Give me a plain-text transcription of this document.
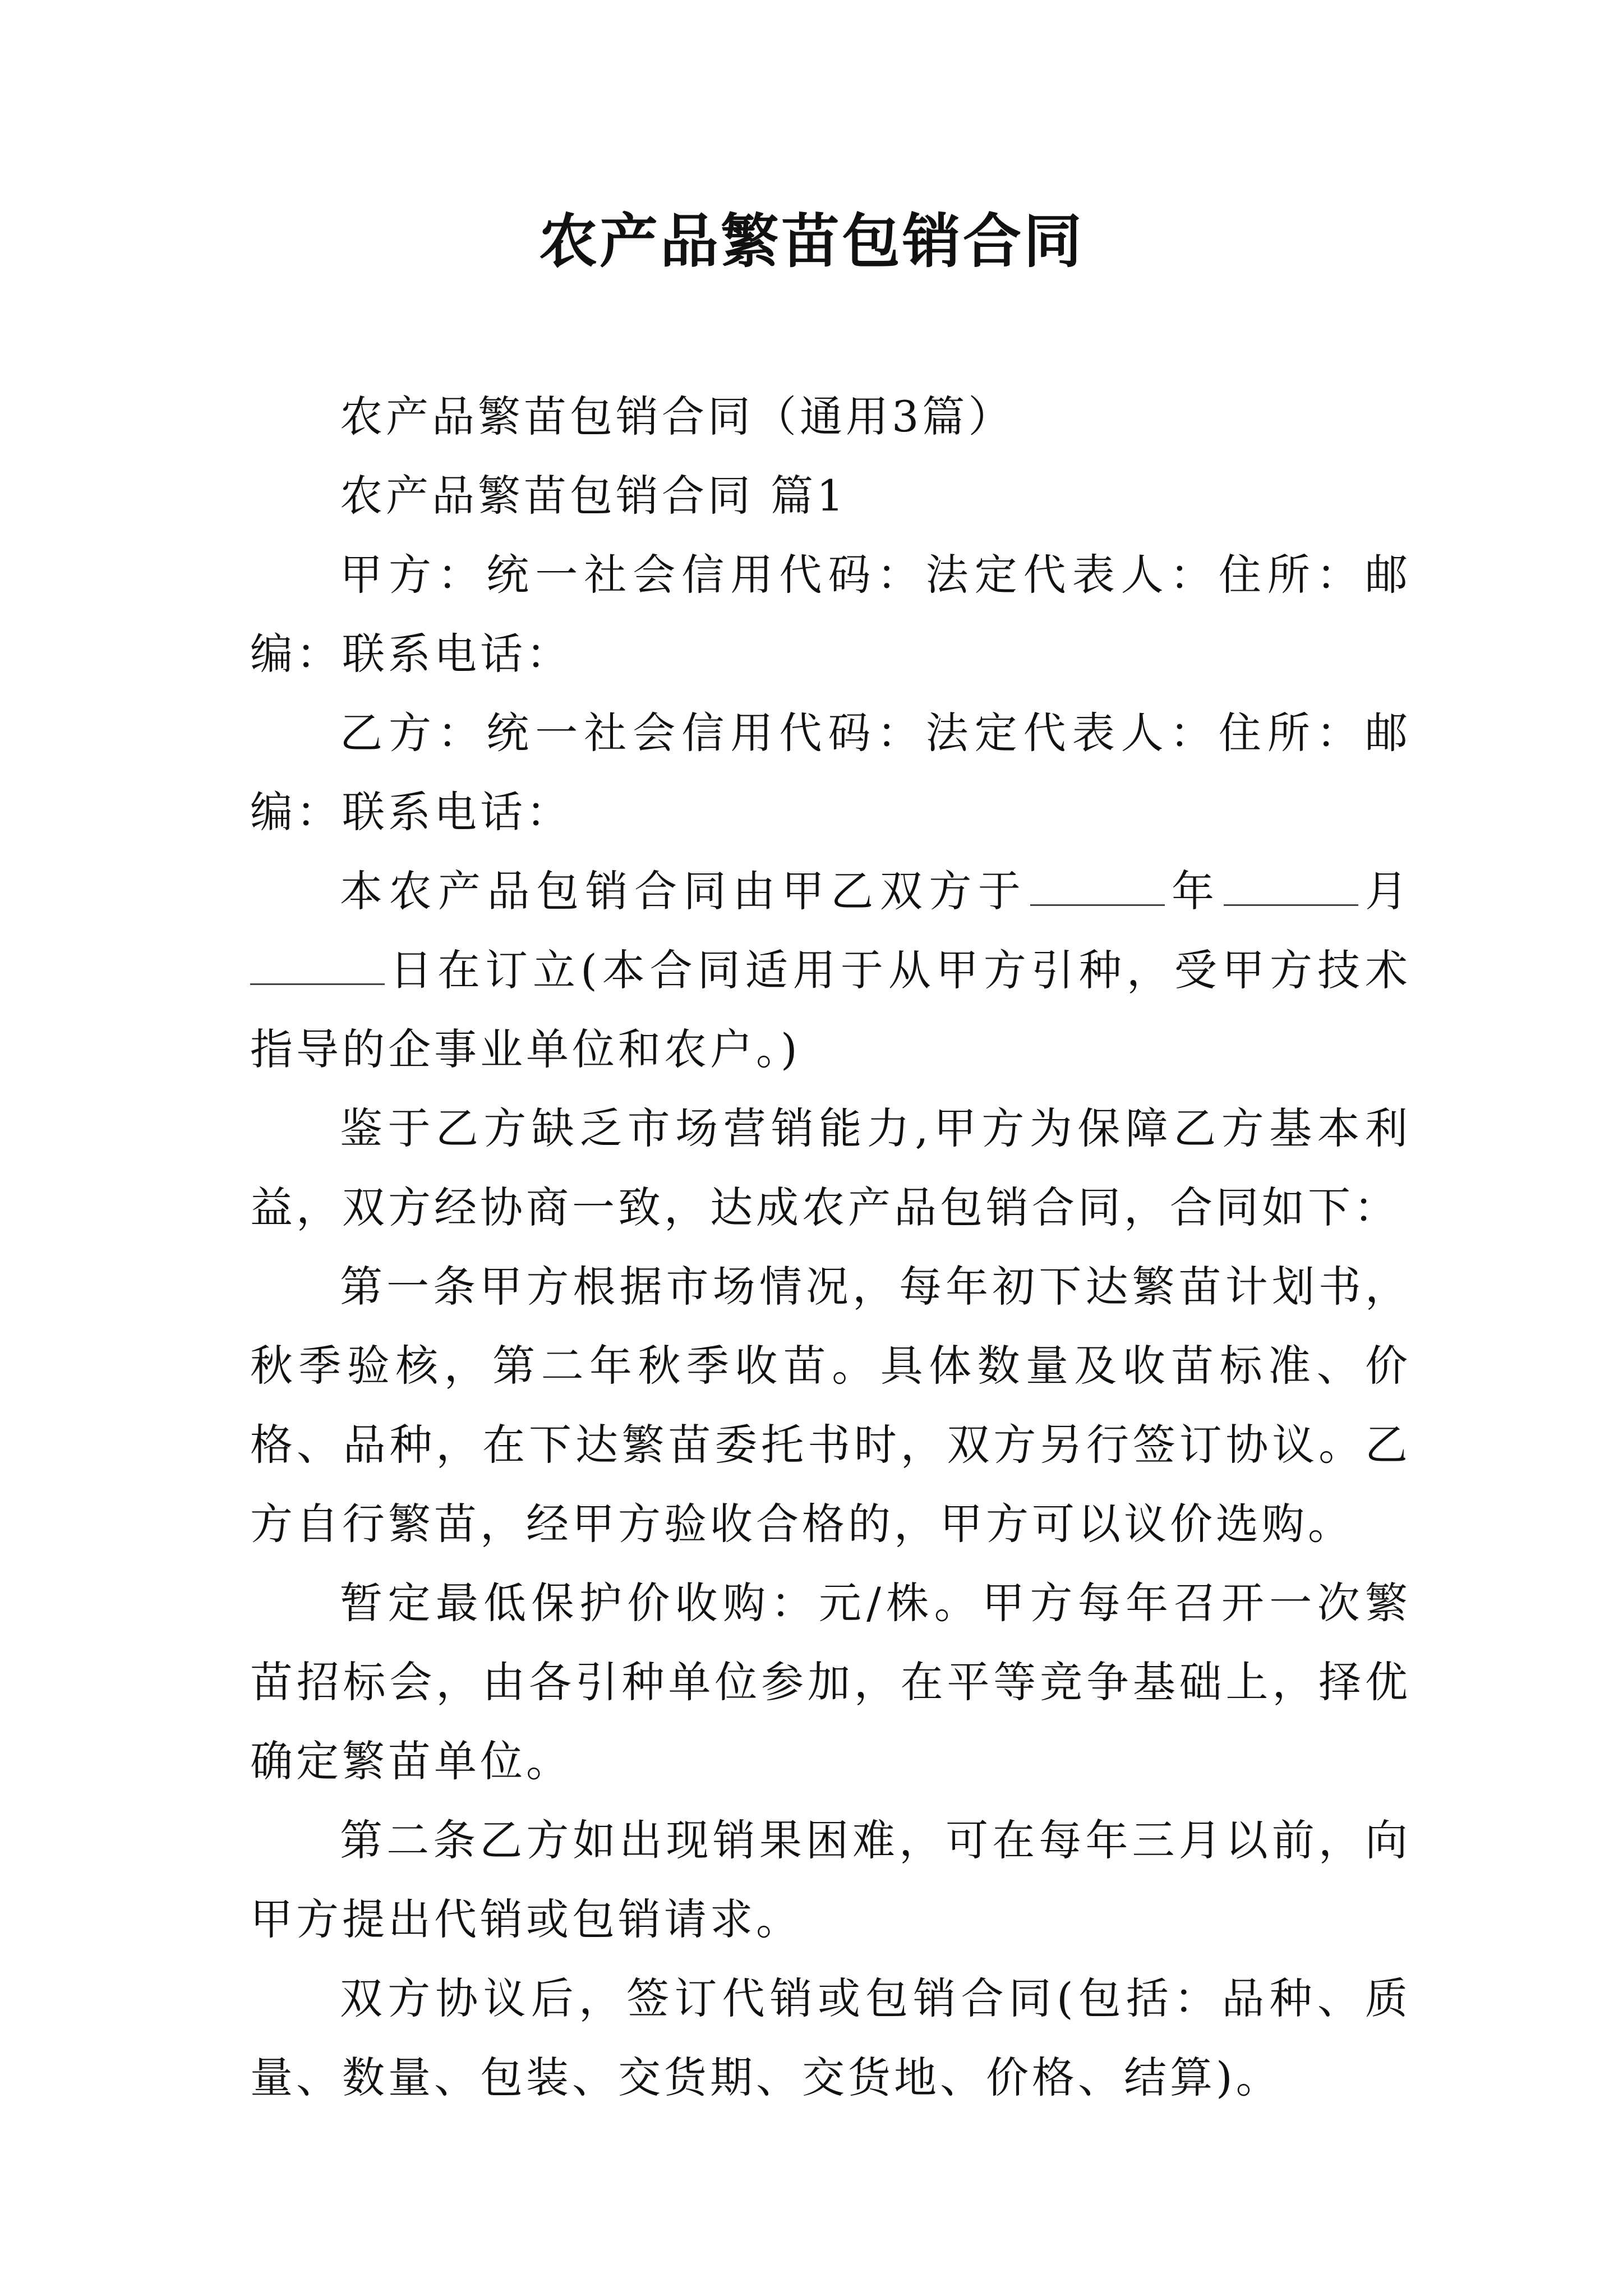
农产品繁苗包销合同

农产品繁苗包销合同（通用3篇）

农产品繁苗包销合同 篇1

甲方：统一社会信用代码：法定代表人：住所：邮编：联系电话：

乙方：统一社会信用代码：法定代表人：住所：邮编：联系电话：

本农产品包销合同由甲乙双方于	年	月日在订立(本合同适用于从甲方引种，受甲方技术指导的企事业单位和农户。)

鉴于乙方缺乏市场营销能力,甲方为保障乙方基本利益，双方经协商一致，达成农产品包销合同，合同如下：

第一条甲方根据市场情况，每年初下达繁苗计划书，秋季验核，第二年秋季收苗。具体数量及收苗标准、价格、品种，在下达繁苗委托书时，双方另行签订协议。乙方自行繁苗，经甲方验收合格的，甲方可以议价选购。

暂定最低保护价收购：元/株。甲方每年召开一次繁苗招标会，由各引种单位参加，在平等竞争基础上，择优确定繁苗单位。

第二条乙方如出现销果困难，可在每年三月以前，向甲方提出代销或包销请求。

双方协议后，签订代销或包销合同(包括：品种、质量、数量、包装、交货期、交货地、价格、结算)。
